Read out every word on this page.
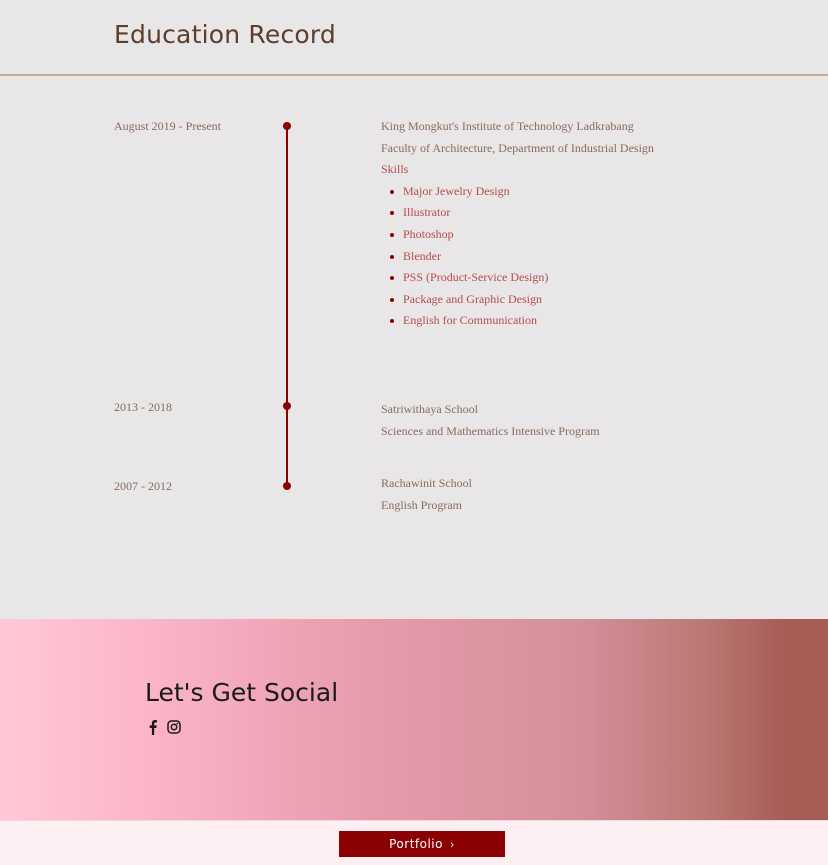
Education Record
August 2019 - Present	King Mongkut's Institute of Technology Ladkrabang
Faculty of Architecture, Department of Industrial Design
Skills
Major Jewelry Design
Illustrator
Photoshop
Blender
PSS (Product-Service Design)
Package and Graphic Design
English for Communication
2013 - 2018	Satriwithaya School
Sciences and Mathematics Intensive Program
2007 - 2012	Rachawinit School
English Program
Let's Get Social
Portfolio ›
